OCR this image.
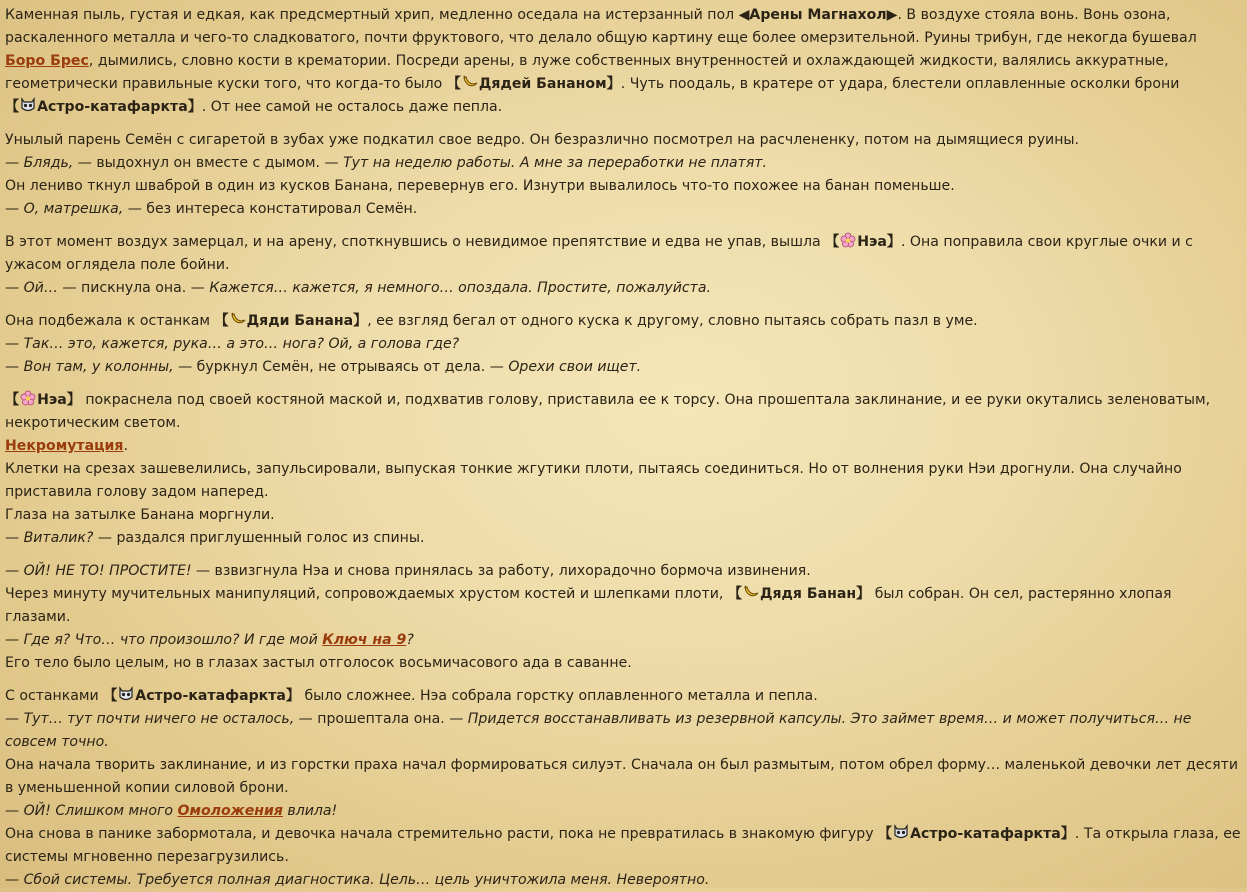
Каменная пыль, густая и едкая, как предсмертный хрип, медленно оседала на истерзанный пол ◀Арены Магнахол▶. В воздухе стояла вонь. Вонь озона, раскаленного металла и чего-то сладковатого, почти фруктового, что делало общую картину еще более омерзительной. Руины трибун, где некогда бушевал Боро Брес, дымились, словно кости в крематории. Посреди арены, в луже собственных внутренностей и охлаждающей жидкости, валялись аккуратные, геометрически правильные куски того, что когда-то было 【 Дядей Бананом】. Чуть поодаль, в кратере от удара, блестели оплавленные осколки брони 【 Астро-катафаркта】. От нее самой не осталось даже пепла.

Унылый парень Семён с сигаретой в зубах уже подкатил свое ведро. Он безразлично посмотрел на расчлененку, потом на дымящиеся руины.
— Блядь, — выдохнул он вместе с дымом. — Тут на неделю работы. А мне за переработки не платят.
Он лениво ткнул шваброй в один из кусков Банана, перевернув его. Изнутри вывалилось что-то похожее на банан поменьше.
— О, матрешка, — без интереса констатировал Семён.

В этот момент воздух замерцал, и на арену, споткнувшись о невидимое препятствие и едва не упав, вышла 【 Нэа】. Она поправила свои круглые очки и с ужасом оглядела поле бойни.
— Ой… — пискнула она. — Кажется… кажется, я немного… опоздала. Простите, пожалуйста.

Она подбежала к останкам 【 Дяди Банана】, ее взгляд бегал от одного куска к другому, словно пытаясь собрать пазл в уме.
— Так… это, кажется, рука… а это… нога? Ой, а голова где?
— Вон там, у колонны, — буркнул Семён, не отрываясь от дела. — Орехи свои ищет.

【 Нэа】 покраснела под своей костяной маской и, подхватив голову, приставила ее к торсу. Она прошептала заклинание, и ее руки окутались зеленоватым, некротическим светом.
Некромутация.
Клетки на срезах зашевелились, запульсировали, выпуская тонкие жгутики плоти, пытаясь соединиться. Но от волнения руки Нэи дрогнули. Она случайно приставила голову задом наперед.
Глаза на затылке Банана моргнули.
— Виталик? — раздался приглушенный голос из спины.

— ОЙ! НЕ ТО! ПРОСТИТЕ! — взвизгнула Нэа и снова принялась за работу, лихорадочно бормоча извинения.
Через минуту мучительных манипуляций, сопровождаемых хрустом костей и шлепками плоти, 【 Дядя Банан】 был собран. Он сел, растерянно хлопая глазами.
— Где я? Что… что произошло? И где мой Ключ на 9?
Его тело было целым, но в глазах застыл отголосок восьмичасового ада в саванне.

С останками 【 Астро-катафаркта】 было сложнее. Нэа собрала горстку оплавленного металла и пепла.
— Тут… тут почти ничего не осталось, — прошептала она. — Придется восстанавливать из резервной капсулы. Это займет время… и может получиться… не совсем точно.
Она начала творить заклинание, и из горстки праха начал формироваться силуэт. Сначала он был размытым, потом обрел форму… маленькой девочки лет десяти в уменьшенной копии силовой брони.
— ОЙ! Слишком много Омоложения влила!
Она снова в панике забормотала, и девочка начала стремительно расти, пока не превратилась в знакомую фигуру 【 Астро-катафаркта】. Та открыла глаза, ее системы мгновенно перезагрузились.
— Сбой системы. Требуется полная диагностика. Цель… цель уничтожила меня. Невероятно.
